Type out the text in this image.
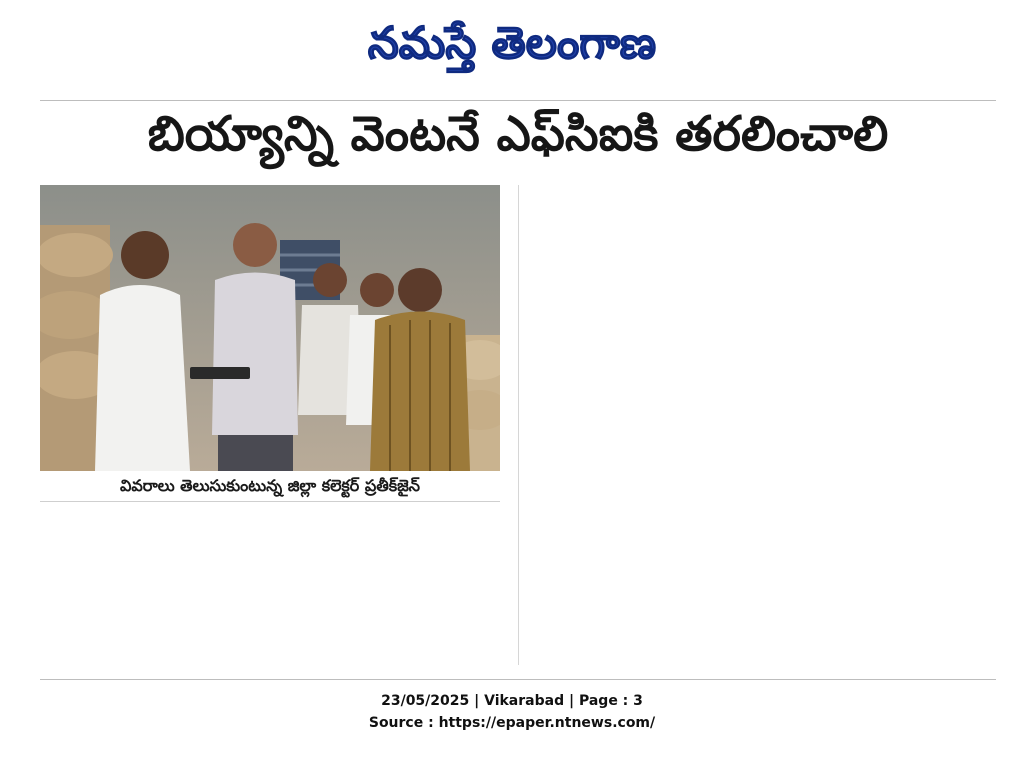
నమస్తే తెలంగాణ
బియ్యాన్ని వెంటనే ఎఫ్‌సిఐకి తరలించాలి
వివరాలు తెలుసుకుంటున్న జిల్లా కలెక్టర్ ప్రతీక్‌జైన్
23/05/2025 | Vikarabad | Page : 3
Source : https://epaper.ntnews.com/
